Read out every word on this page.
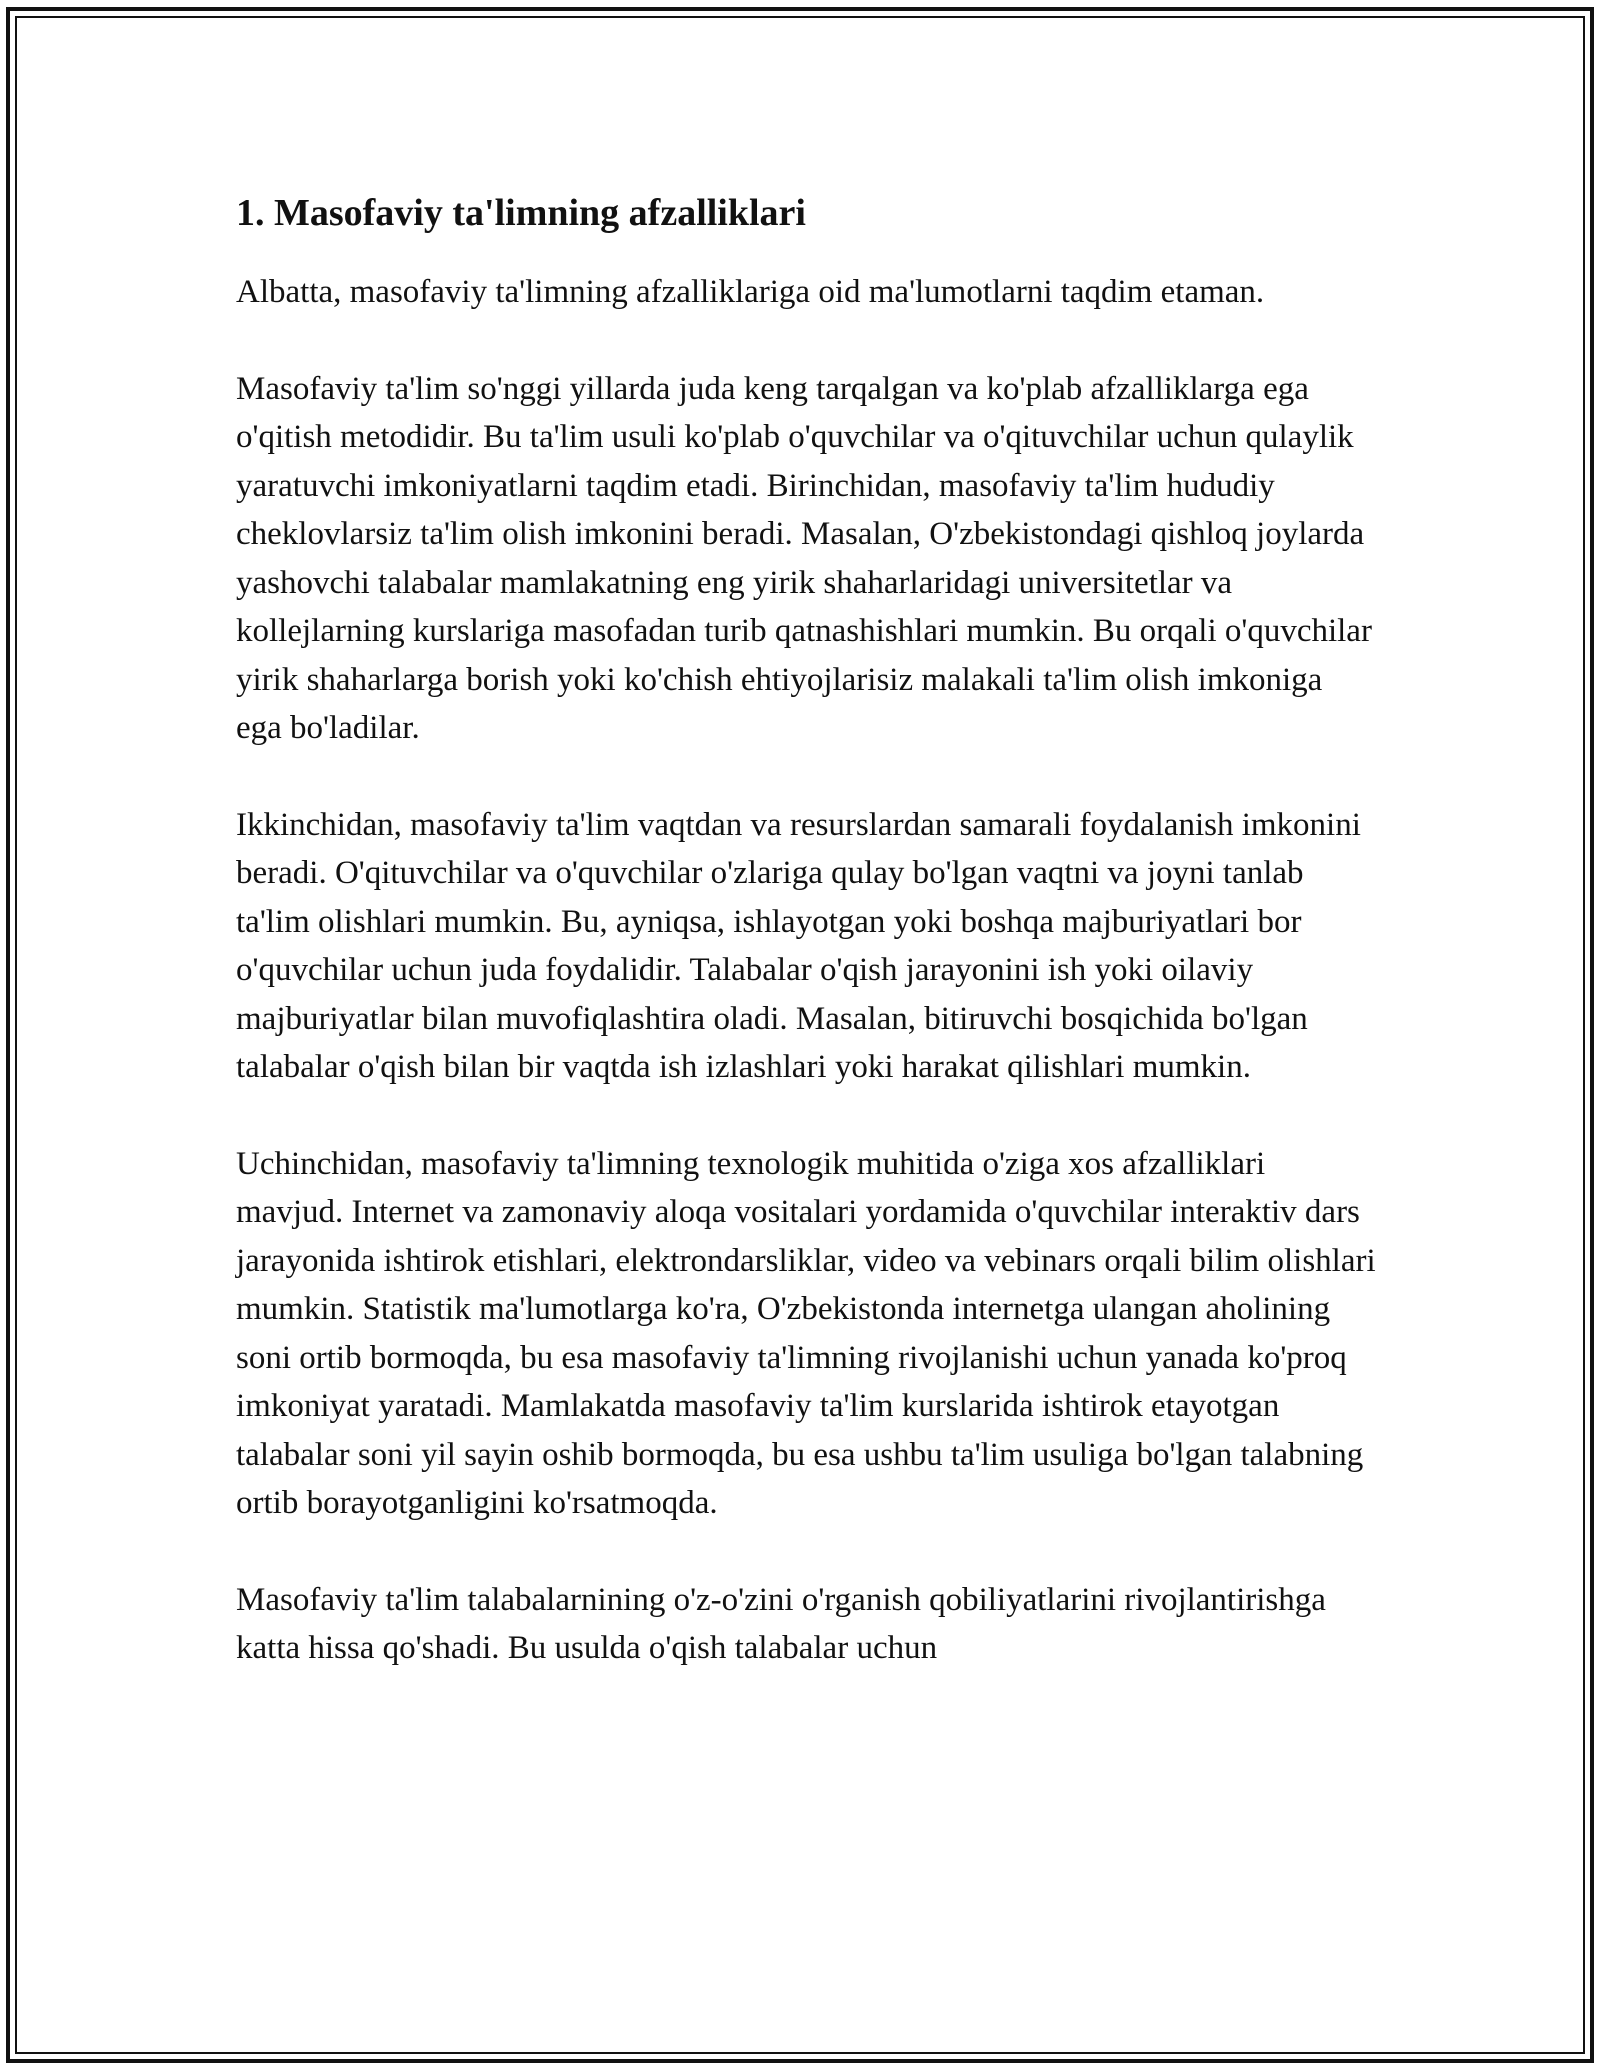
1. Masofaviy ta'limning afzalliklari

Albatta, masofaviy ta'limning afzalliklariga oid ma'lumotlarni taqdim etaman.

Masofaviy ta'lim so'nggi yillarda juda keng tarqalgan va ko'plab afzalliklarga ega o'qitish metodidir. Bu ta'lim usuli ko'plab o'quvchilar va o'qituvchilar uchun qulaylik yaratuvchi imkoniyatlarni taqdim etadi. Birinchidan, masofaviy ta'lim hududiy cheklovlarsiz ta'lim olish imkonini beradi. Masalan, O'zbekistondagi qishloq joylarda yashovchi talabalar mamlakatning eng yirik shaharlaridagi universitetlar va kollejlarning kurslariga masofadan turib qatnashishlari mumkin. Bu orqali o'quvchilar yirik shaharlarga borish yoki ko'chish ehtiyojlarisiz malakali ta'lim olish imkoniga ega bo'ladilar.

Ikkinchidan, masofaviy ta'lim vaqtdan va resurslardan samarali foydalanish imkonini beradi. O'qituvchilar va o'quvchilar o'zlariga qulay bo'lgan vaqtni va joyni tanlab ta'lim olishlari mumkin. Bu, ayniqsa, ishlayotgan yoki boshqa majburiyatlari bor o'quvchilar uchun juda foydalidir. Talabalar o'qish jarayonini ish yoki oilaviy majburiyatlar bilan muvofiqlashtira oladi. Masalan, bitiruvchi bosqichida bo'lgan talabalar o'qish bilan bir vaqtda ish izlashlari yoki harakat qilishlari mumkin.

Uchinchidan, masofaviy ta'limning texnologik muhitida o'ziga xos afzalliklari mavjud. Internet va zamonaviy aloqa vositalari yordamida o'quvchilar interaktiv dars jarayonida ishtirok etishlari, elektrondarsliklar, video va vebinars orqali bilim olishlari mumkin. Statistik ma'lumotlarga ko'ra, O'zbekistonda internetga ulangan aholining soni ortib bormoqda, bu esa masofaviy ta'limning rivojlanishi uchun yanada ko'proq imkoniyat yaratadi. Mamlakatda masofaviy ta'lim kurslarida ishtirok etayotgan talabalar soni yil sayin oshib bormoqda, bu esa ushbu ta'lim usuliga bo'lgan talabning ortib borayotganligini ko'rsatmoqda.

Masofaviy ta'lim talabalarnining o'z-o'zini o'rganish qobiliyatlarini rivojlantirishga katta hissa qo'shadi. Bu usulda o'qish talabalar uchun
